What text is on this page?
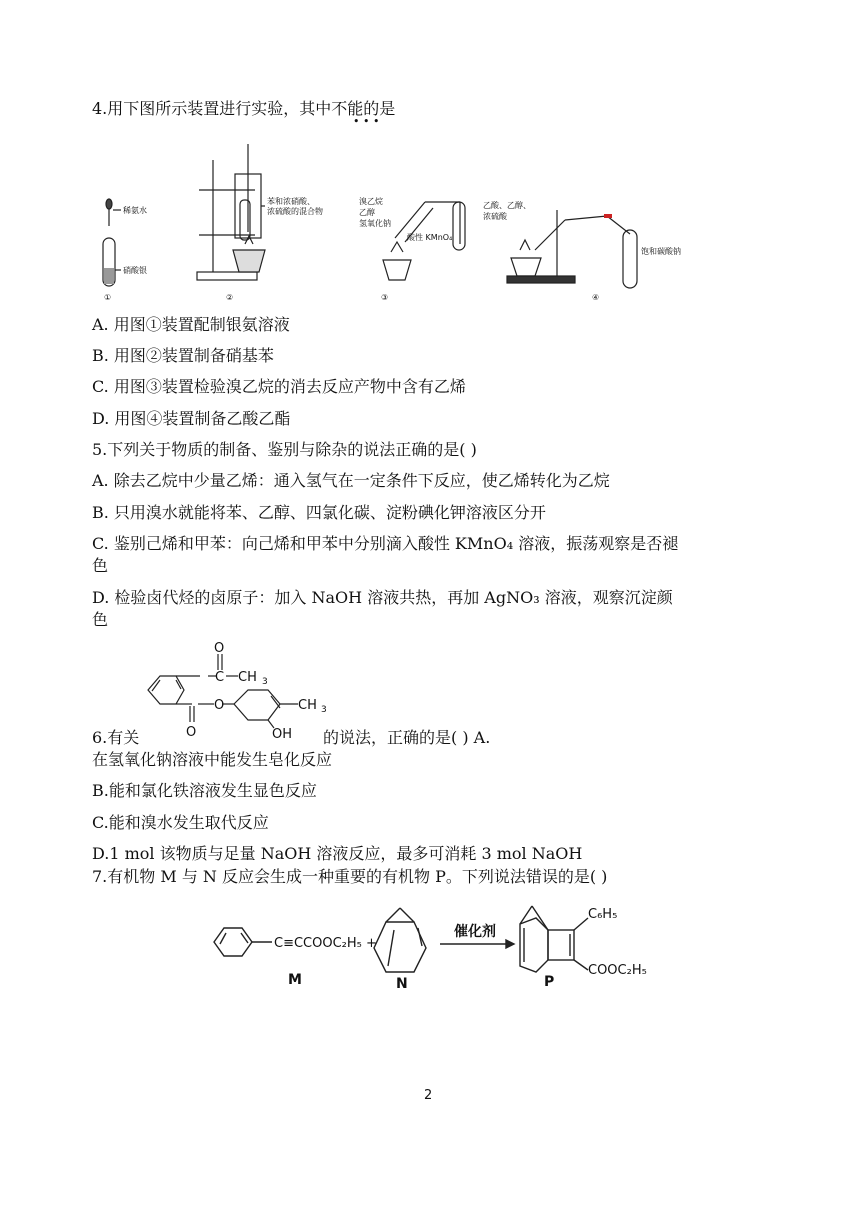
4.用下图所示装置进行实验，其中不能的是
• • •
稀氨水
硝酸银
苯和浓硝酸、
浓硫酸的混合物
溴乙烷
乙醇
氢氧化钠
酸性 KMnO₄
乙酸、乙醇、
浓硫酸
饱和碳酸钠
①	②	③	④
A. 用图①装置配制银氨溶液
B. 用图②装置制备硝基苯
C. 用图③装置检验溴乙烷的消去反应产物中含有乙烯
D. 用图④装置制备乙酸乙酯
5.下列关于物质的制备、鉴别与除杂的说法正确的是( )
A. 除去乙烷中少量乙烯：通入氢气在一定条件下反应，使乙烯转化为乙烷
B. 只用溴水就能将苯、乙醇、四氯化碳、淀粉碘化钾溶液区分开
C. 鉴别己烯和甲苯：向己烯和甲苯中分别滴入酸性 KMnO₄ 溶液，振荡观察是否褪
色
D. 检验卤代烃的卤原子：加入 NaOH 溶液共热，再加 AgNO₃ 溶液，观察沉淀颜
色
O
C CH 3
O
O	CH 3
OH
6.有关	的说法，正确的是( ) A.
在氢氧化钠溶液中能发生皂化反应
B.能和氯化铁溶液发生显色反应
C.能和溴水发生取代反应
D.1 mol 该物质与足量 NaOH 溶液反应，最多可消耗 3 mol NaOH
7.有机物 M 与 N 反应会生成一种重要的有机物 P。下列说法错误的是( )
C≡CCOOC₂H₅ +
M	N
催化剂
P
C₆H₅
COOC₂H₅
2
